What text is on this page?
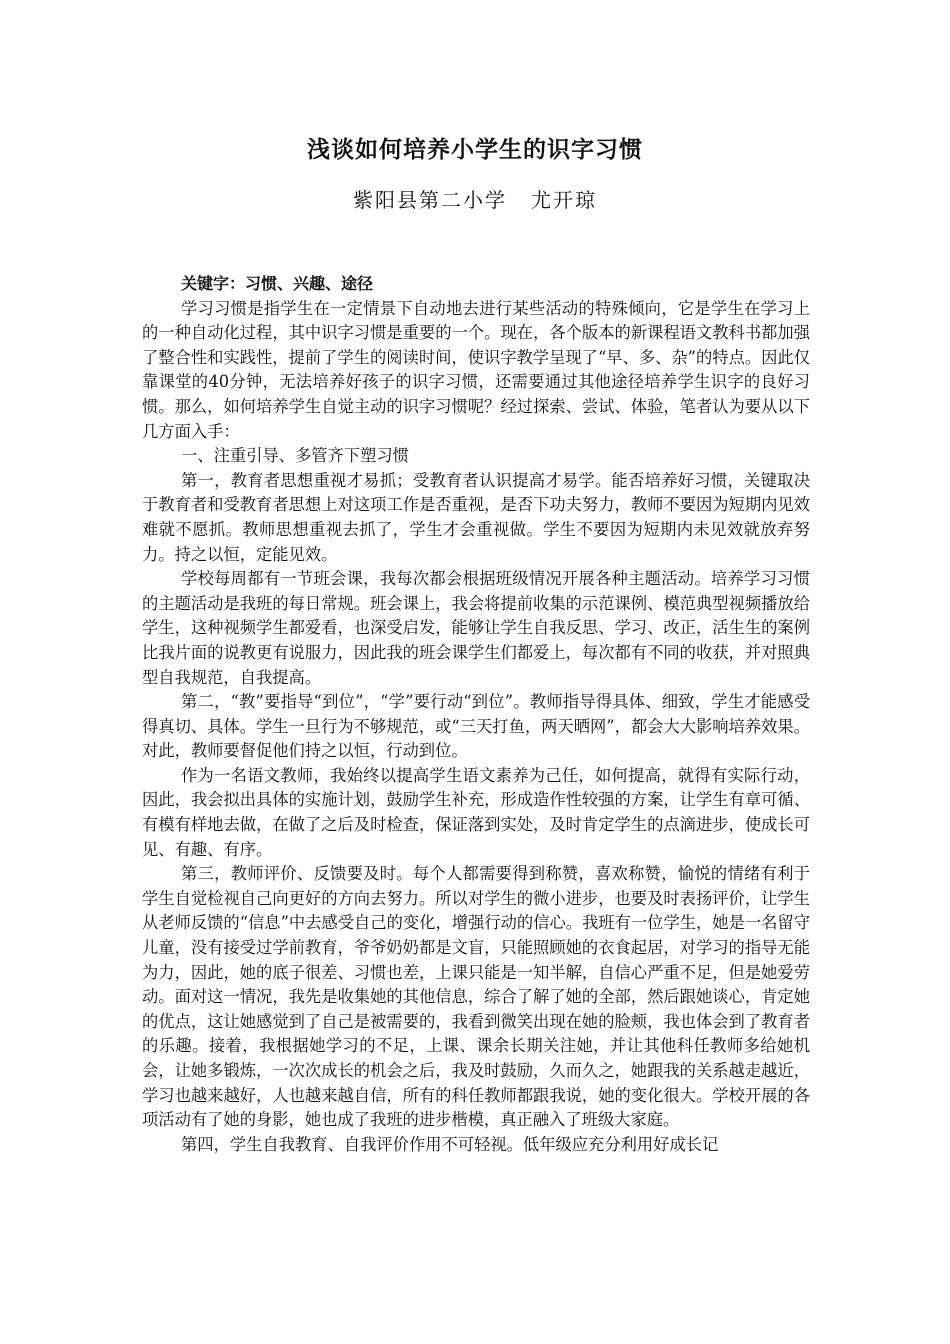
浅谈如何培养小学生的识字习惯
紫阳县第二小学 尤开琼

关键字：习惯、兴趣、途径

学习习惯是指学生在一定情景下自动地去进行某些活动的特殊倾向，它是学生在学习上的一种自动化过程，其中识字习惯是重要的一个。现在，各个版本的新课程语文教科书都加强了整合性和实践性，提前了学生的阅读时间，使识字教学呈现了“早、多、杂”的特点。因此仅靠课堂的40分钟，无法培养好孩子的识字习惯，还需要通过其他途径培养学生识字的良好习惯。那么，如何培养学生自觉主动的识字习惯呢？经过探索、尝试、体验，笔者认为要从以下几方面入手：

一、注重引导、多管齐下塑习惯

第一，教育者思想重视才易抓；受教育者认识提高才易学。能否培养好习惯，关键取决于教育者和受教育者思想上对这项工作是否重视，是否下功夫努力，教师不要因为短期内见效难就不愿抓。教师思想重视去抓了，学生才会重视做。学生不要因为短期内未见效就放弃努力。持之以恒，定能见效。

学校每周都有一节班会课，我每次都会根据班级情况开展各种主题活动。培养学习习惯的主题活动是我班的每日常规。班会课上，我会将提前收集的示范课例、模范典型视频播放给学生，这种视频学生都爱看，也深受启发，能够让学生自我反思、学习、改正，活生生的案例比我片面的说教更有说服力，因此我的班会课学生们都爱上，每次都有不同的收获，并对照典型自我规范，自我提高。

第二，“教”要指导“到位”，“学”要行动“到位”。教师指导得具体、细致，学生才能感受得真切、具体。学生一旦行为不够规范，或“三天打鱼，两天晒网”，都会大大影响培养效果。对此，教师要督促他们持之以恒，行动到位。

作为一名语文教师，我始终以提高学生语文素养为己任，如何提高，就得有实际行动，因此，我会拟出具体的实施计划，鼓励学生补充，形成造作性较强的方案，让学生有章可循、有模有样地去做，在做了之后及时检查，保证落到实处，及时肯定学生的点滴进步，使成长可见、有趣、有序。

第三，教师评价、反馈要及时。每个人都需要得到称赞，喜欢称赞，愉悦的情绪有利于学生自觉检视自己向更好的方向去努力。所以对学生的微小进步，也要及时表扬评价，让学生从老师反馈的“信息”中去感受自己的变化，增强行动的信心。我班有一位学生，她是一名留守儿童，没有接受过学前教育，爷爷奶奶都是文盲，只能照顾她的衣食起居，对学习的指导无能为力，因此，她的底子很差、习惯也差，上课只能是一知半解，自信心严重不足，但是她爱劳动。面对这一情况，我先是收集她的其他信息，综合了解了她的全部，然后跟她谈心，肯定她的优点，这让她感觉到了自己是被需要的，我看到微笑出现在她的脸颊，我也体会到了教育者的乐趣。接着，我根据她学习的不足，上课、课余长期关注她，并让其他科任教师多给她机会，让她多锻炼，一次次成长的机会之后，我及时鼓励，久而久之，她跟我的关系越走越近，学习也越来越好，人也越来越自信，所有的科任教师都跟我说，她的变化很大。学校开展的各项活动有了她的身影，她也成了我班的进步楷模，真正融入了班级大家庭。

第四，学生自我教育、自我评价作用不可轻视。低年级应充分利用好成长记
